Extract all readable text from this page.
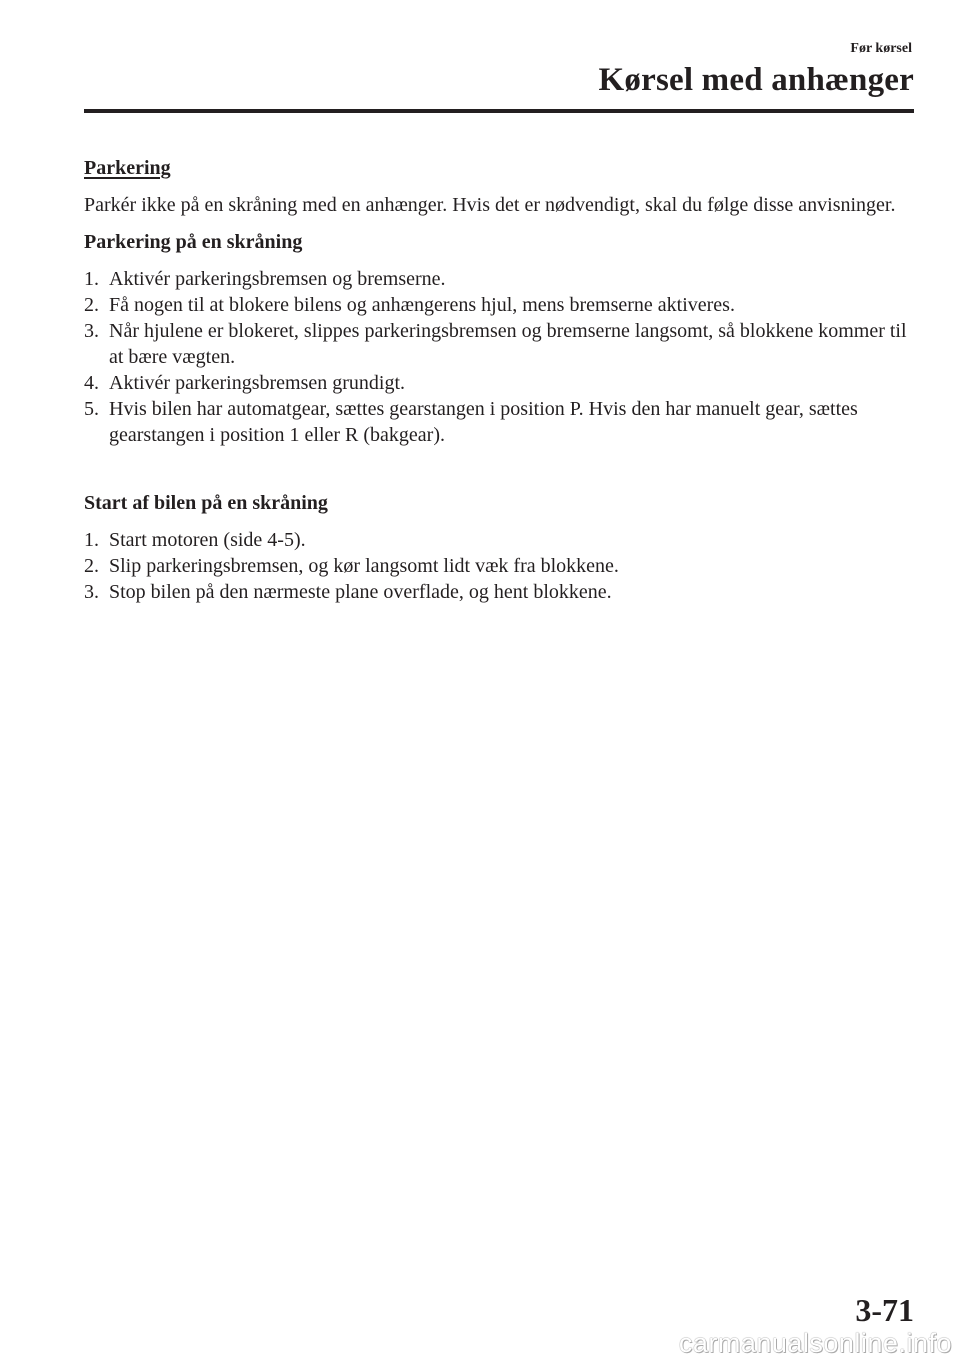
Før kørsel
Kørsel med anhænger
Parkering
Parkér ikke på en skråning med en anhænger. Hvis det er nødvendigt, skal du følge disse anvisninger.
Parkering på en skråning
1. Aktivér parkeringsbremsen og bremserne.
2. Få nogen til at blokere bilens og anhængerens hjul, mens bremserne aktiveres.
3. Når hjulene er blokeret, slippes parkeringsbremsen og bremserne langsomt, så blokkene kommer til at bære vægten.
4. Aktivér parkeringsbremsen grundigt.
5. Hvis bilen har automatgear, sættes gearstangen i position P. Hvis den har manuelt gear, sættes gearstangen i position 1 eller R (bakgear).
Start af bilen på en skråning
1. Start motoren (side 4-5).
2. Slip parkeringsbremsen, og kør langsomt lidt væk fra blokkene.
3. Stop bilen på den nærmeste plane overflade, og hent blokkene.
3-71
carmanualsonline.info
